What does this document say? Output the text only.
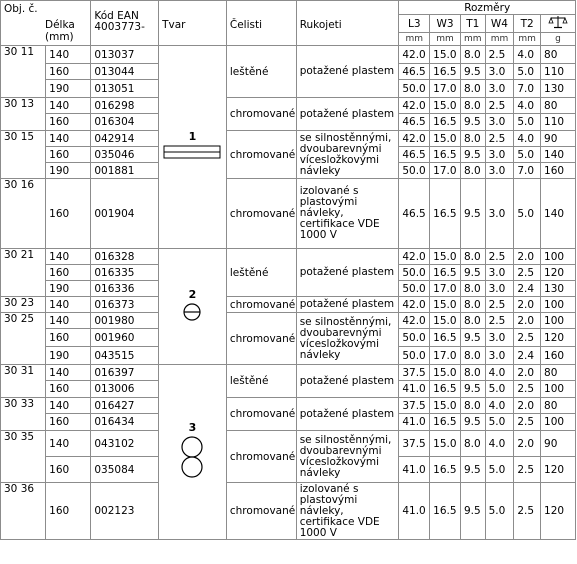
Obj. č.
Délka (mm)		Kód EAN 4003773-	Tvar	Čelisti	Rukojeti	Rozměry					
						L3	W3	T1	W4	T2	
						mm	mm	mm	mm	mm	g
30 11	140	013037	1	leštěné	potažené plastem	42.0	15.0	8.0	2.5	4.0	80
	160	013044				46.5	16.5	9.5	3.0	5.0	110
	190	013051				50.0	17.0	8.0	3.0	7.0	130
30 13	140	016298		chromované	potažené plastem	42.0	15.0	8.0	2.5	4.0	80
	160	016304				46.5	16.5	9.5	3.0	5.0	110
30 15	140	042914		chromované	se silnostěnnými, dvoubarevnými vícesložkovými návleky	42.0	15.0	8.0	2.5	4.0	90
	160	035046				46.5	16.5	9.5	3.0	5.0	140
	190	001881				50.0	17.0	8.0	3.0	7.0	160
30 16	160	001904		chromované	izolované s plastovými návleky, certifikace VDE 1000 V	46.5	16.5	9.5	3.0	5.0	140
30 21	140	016328	2	leštěné	potažené plastem	42.0	15.0	8.0	2.5	2.0	100
	160	016335				50.0	16.5	9.5	3.0	2.5	120
	190	016336				50.0	17.0	8.0	3.0	2.4	130
30 23	140	016373		chromované	potažené plastem	42.0	15.0	8.0	2.5	2.0	100
30 25	140	001980		chromované	se silnostěnnými, dvoubarevnými vícesložkovými návleky	42.0	15.0	8.0	2.5	2.0	100
	160	001960				50.0	16.5	9.5	3.0	2.5	120
	190	043515				50.0	17.0	8.0	3.0	2.4	160
30 31	140	016397	3	leštěné	potažené plastem	37.5	15.0	8.0	4.0	2.0	80
	160	013006				41.0	16.5	9.5	5.0	2.5	100
30 33	140	016427		chromované	potažené plastem	37.5	15.0	8.0	4.0	2.0	80
	160	016434				41.0	16.5	9.5	5.0	2.5	100
30 35	140	043102		chromované	se silnostěnnými, dvoubarevnými vícesložkovými návleky	37.5	15.0	8.0	4.0	2.0	90
	160	035084				41.0	16.5	9.5	5.0	2.5	120
30 36	160	002123		chromované	izolované s plastovými návleky, certifikace VDE 1000 V	41.0	16.5	9.5	5.0	2.5	120
